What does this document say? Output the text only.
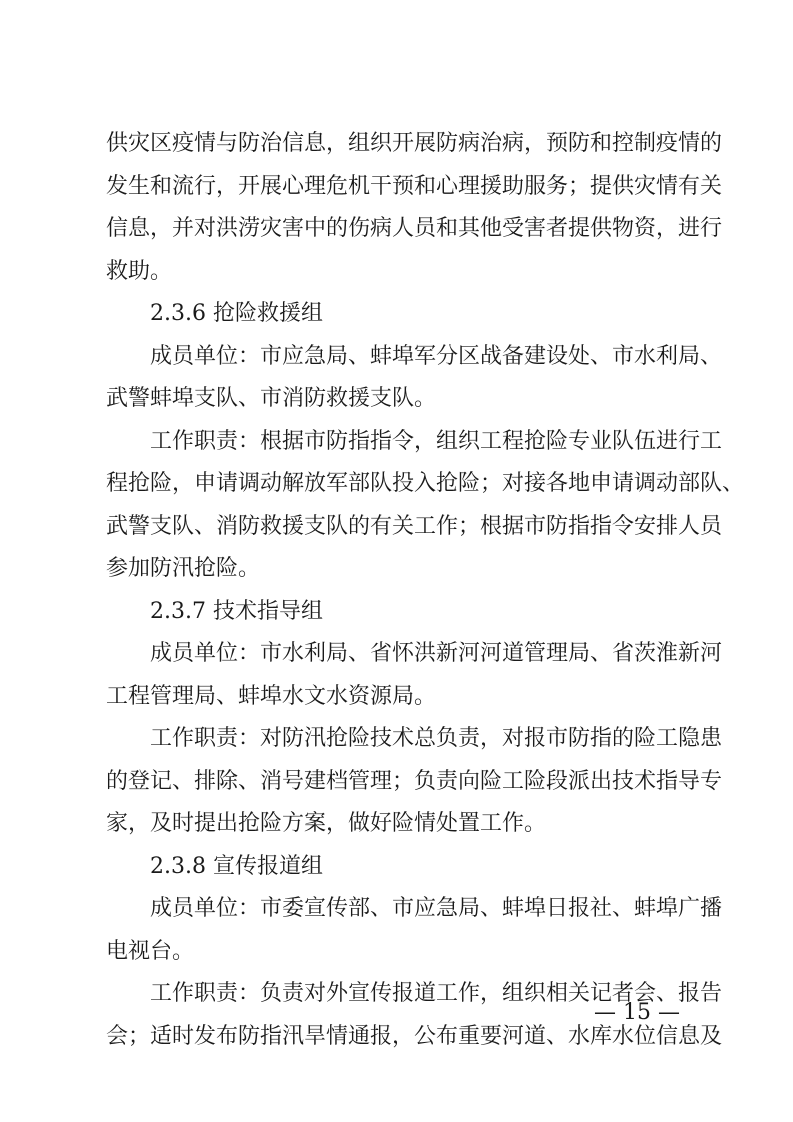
供灾区疫情与防治信息，组织开展防病治病，预防和控制疫情的
发生和流行，开展心理危机干预和心理援助服务；提供灾情有关
信息，并对洪涝灾害中的伤病人员和其他受害者提供物资，进行
救助。
2.3.6 抢险救援组
成员单位：市应急局、蚌埠军分区战备建设处、市水利局、
武警蚌埠支队、市消防救援支队。
工作职责：根据市防指指令，组织工程抢险专业队伍进行工
程抢险，申请调动解放军部队投入抢险；对接各地申请调动部队、
武警支队、消防救援支队的有关工作；根据市防指指令安排人员
参加防汛抢险。
2.3.7 技术指导组
成员单位：市水利局、省怀洪新河河道管理局、省茨淮新河
工程管理局、蚌埠水文水资源局。
工作职责：对防汛抢险技术总负责，对报市防指的险工隐患
的登记、排除、消号建档管理；负责向险工险段派出技术指导专
家，及时提出抢险方案，做好险情处置工作。
2.3.8 宣传报道组
成员单位：市委宣传部、市应急局、蚌埠日报社、蚌埠广播
电视台。
工作职责：负责对外宣传报道工作，组织相关记者会、报告
会；适时发布防指汛旱情通报，公布重要河道、水库水位信息及
— 15 —
